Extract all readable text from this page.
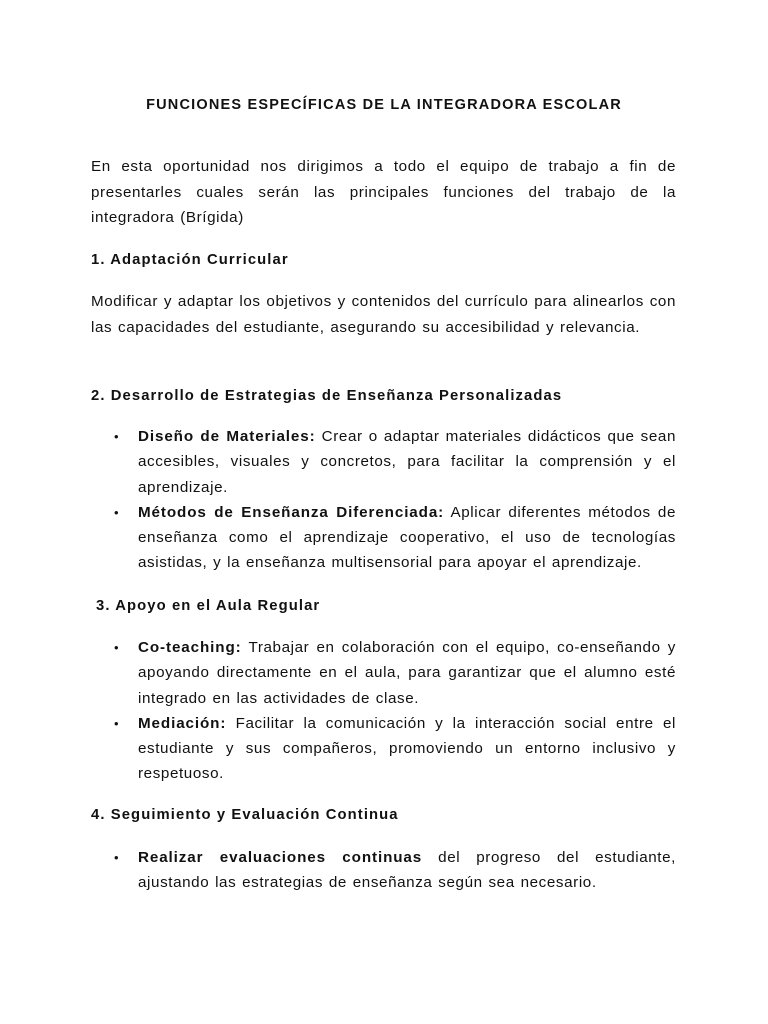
FUNCIONES ESPECÍFICAS DE LA INTEGRADORA ESCOLAR

En esta oportunidad nos dirigimos a todo el equipo de trabajo a fin de presentarles cuales serán las principales funciones del trabajo de la integradora (Brígida)

1. Adaptación Curricular

Modificar y adaptar los objetivos y contenidos del currículo para alinearlos con las capacidades del estudiante, asegurando su accesibilidad y relevancia.

2. Desarrollo de Estrategias de Enseñanza Personalizadas
• Diseño de Materiales: Crear o adaptar materiales didácticos que sean accesibles, visuales y concretos, para facilitar la comprensión y el aprendizaje.
• Métodos de Enseñanza Diferenciada: Aplicar diferentes métodos de enseñanza como el aprendizaje cooperativo, el uso de tecnologías asistidas, y la enseñanza multisensorial para apoyar el aprendizaje.
3. Apoyo en el Aula Regular
• Co-teaching: Trabajar en colaboración con el equipo, co-enseñando y apoyando directamente en el aula, para garantizar que el alumno esté integrado en las actividades de clase.
• Mediación: Facilitar la comunicación y la interacción social entre el estudiante y sus compañeros, promoviendo un entorno inclusivo y respetuoso.
4. Seguimiento y Evaluación Continua
• Realizar evaluaciones continuas del progreso del estudiante, ajustando las estrategias de enseñanza según sea necesario.
